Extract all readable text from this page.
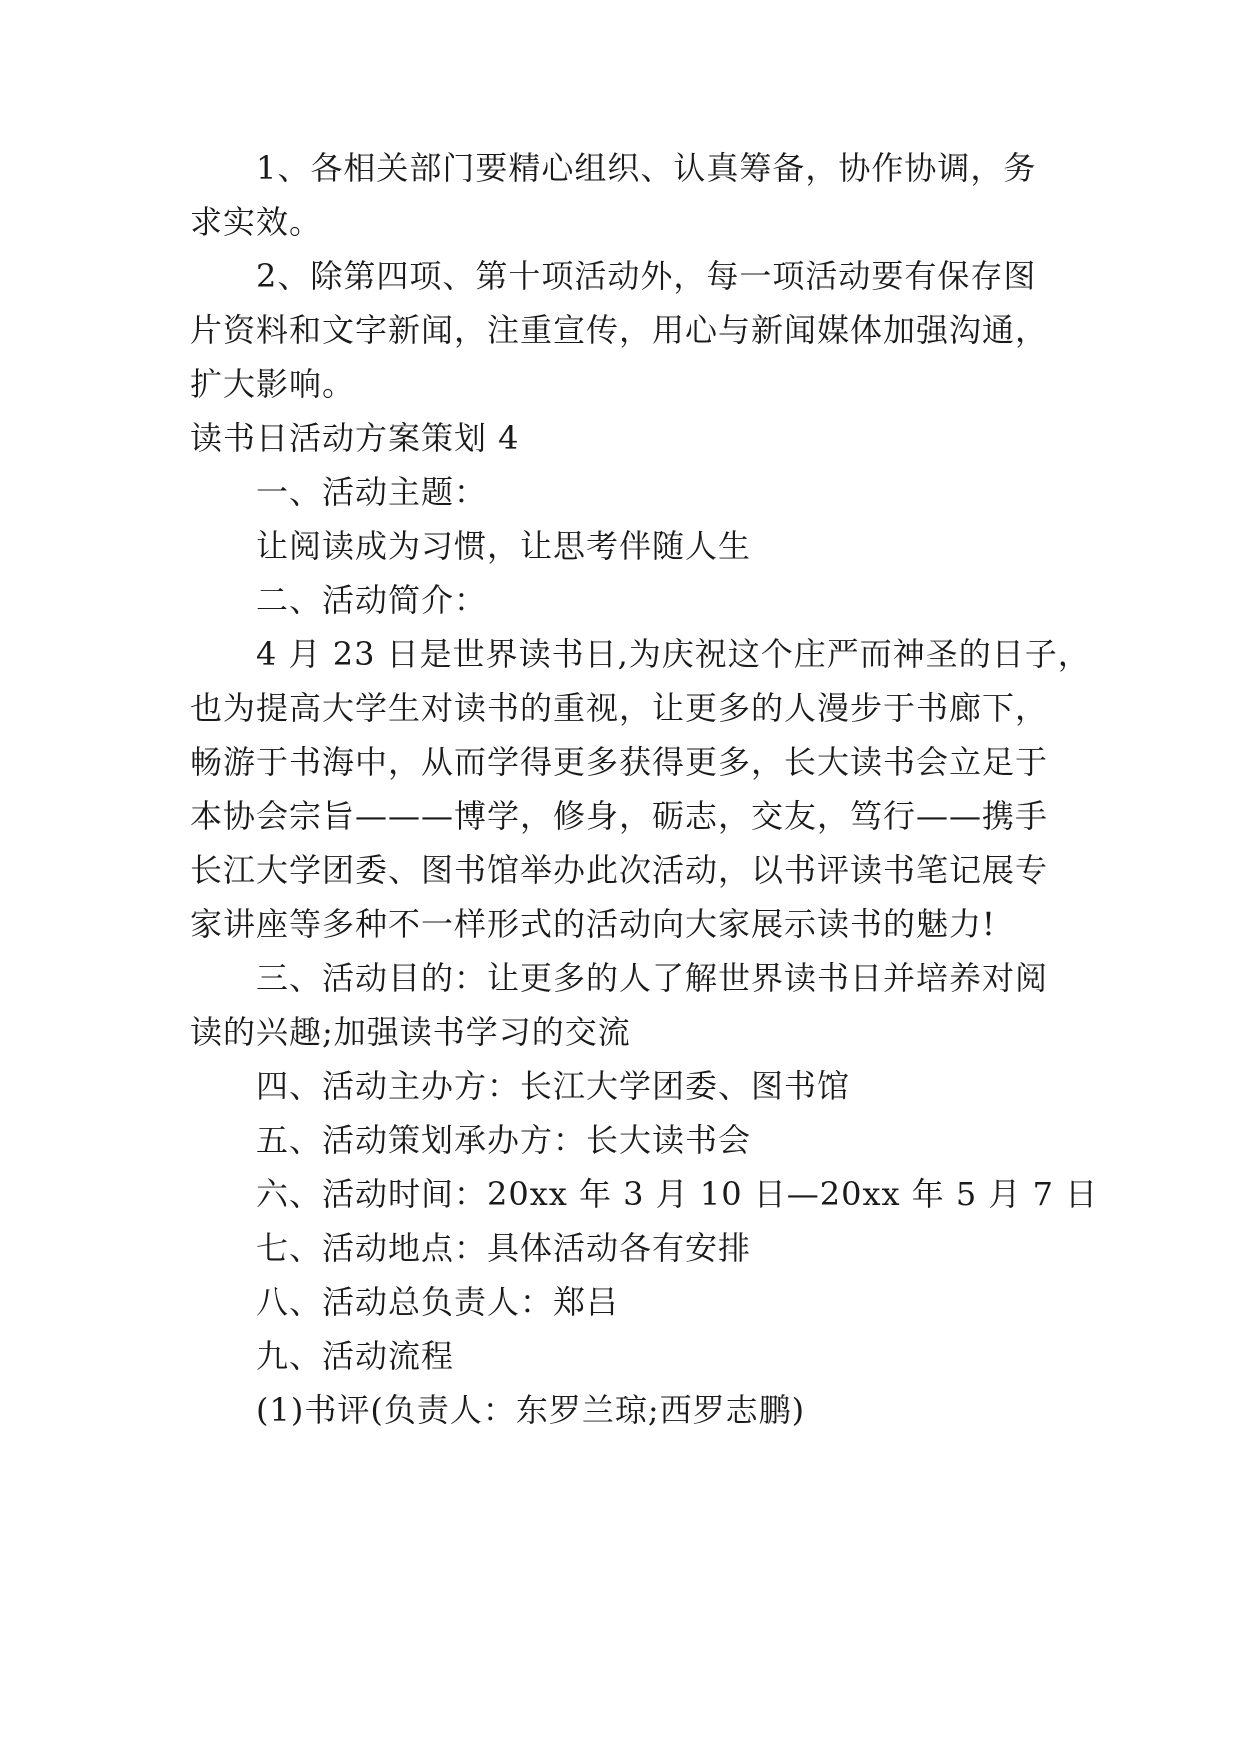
1、各相关部门要精心组织、认真筹备，协作协调，务
求实效。
2、除第四项、第十项活动外，每一项活动要有保存图
片资料和文字新闻，注重宣传，用心与新闻媒体加强沟通，
扩大影响。
读书日活动方案策划 4
一、活动主题：
让阅读成为习惯，让思考伴随人生
二、活动简介：
4 月 23 日是世界读书日,为庆祝这个庄严而神圣的日子，
也为提高大学生对读书的重视，让更多的人漫步于书廊下，
畅游于书海中，从而学得更多获得更多，长大读书会立足于
本协会宗旨———博学，修身，砺志，交友，笃行——携手
长江大学团委、图书馆举办此次活动，以书评读书笔记展专
家讲座等多种不一样形式的活动向大家展示读书的魅力!
三、活动目的：让更多的人了解世界读书日并培养对阅
读的兴趣;加强读书学习的交流
四、活动主办方：长江大学团委、图书馆
五、活动策划承办方：长大读书会
六、活动时间：20xx 年 3 月 10 日—20xx 年 5 月 7 日
七、活动地点：具体活动各有安排
八、活动总负责人：郑吕
九、活动流程
(1)书评(负责人：东罗兰琼;西罗志鹏)
